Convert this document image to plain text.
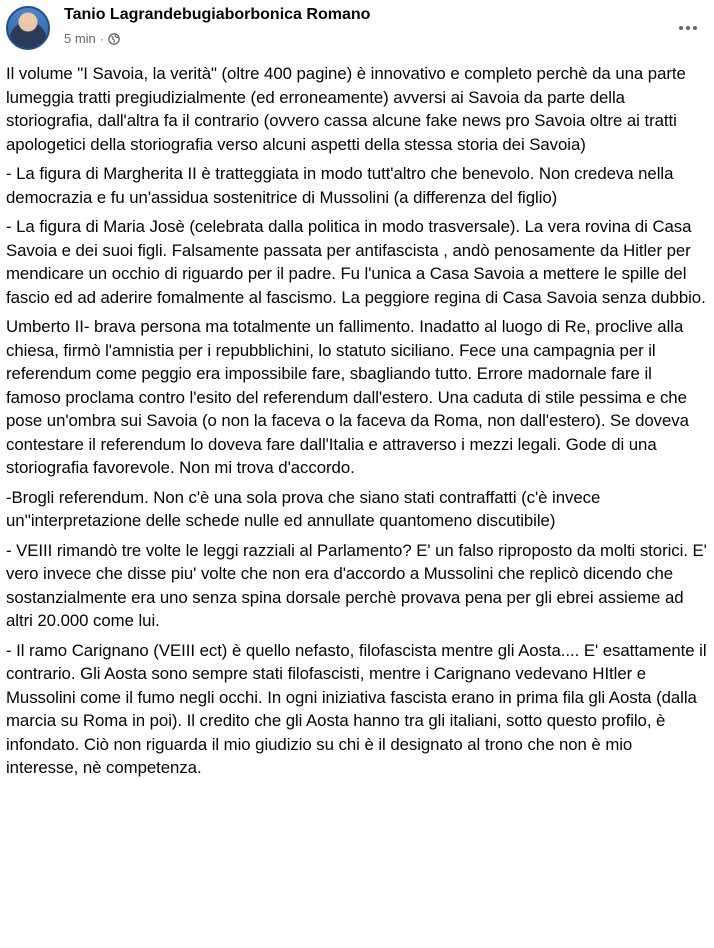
Tanio Lagrandebugiaborbonica Romano
5 min ·

Il volume "I Savoia, la verità" (oltre 400 pagine) è innovativo e completo perchè da una parte lumeggia tratti pregiudizialmente (ed erroneamente) avversi ai Savoia da parte della storiografia, dall'altra fa il contrario (ovvero cassa alcune fake news pro Savoia oltre ai tratti apologetici della storiografia verso alcuni aspetti della stessa storia dei Savoia)

- La figura di Margherita II è tratteggiata in modo tutt'altro che benevolo. Non credeva nella democrazia e fu un'assidua sostenitrice di Mussolini (a differenza del figlio)

- La figura di Maria Josè (celebrata dalla politica in modo trasversale). La vera rovina di Casa Savoia e dei suoi figli. Falsamente passata per antifascista , andò penosamente da Hitler per mendicare un occhio di riguardo per il padre. Fu l'unica a Casa Savoia a mettere le spille del fascio ed ad aderire fomalmente al fascismo. La peggiore regina di Casa Savoia senza dubbio.

Umberto II- brava persona ma totalmente un fallimento. Inadatto al luogo di Re, proclive alla chiesa, firmò l'amnistia per i repubblichini, lo statuto siciliano. Fece una campagnia per il referendum come peggio era impossibile fare, sbagliando tutto. Errore madornale fare il famoso proclama contro l'esito del referendum dall'estero. Una caduta di stile pessima e che pose un'ombra sui Savoia (o non la faceva o la faceva da Roma, non dall'estero). Se doveva contestare il referendum lo doveva fare dall'Italia e attraverso i mezzi legali. Gode di una storiografia favorevole. Non mi trova d'accordo.

-Brogli referendum. Non c'è una sola prova che siano stati contraffatti (c'è invece un''interpretazione delle schede nulle ed annullate quantomeno discutibile)

- VEIII rimandò tre volte le leggi razziali al Parlamento? E' un falso riproposto da molti storici. E' vero invece che disse piu' volte che non era d'accordo a Mussolini che replicò dicendo che sostanzialmente era uno senza spina dorsale perchè provava pena per gli ebrei assieme ad altri 20.000 come lui.

- Il ramo Carignano (VEIII ect) è quello nefasto, filofascista mentre gli Aosta.... E' esattamente il contrario. Gli Aosta sono sempre stati filofascisti, mentre i Carignano vedevano HItler e Mussolini come il fumo negli occhi. In ogni iniziativa fascista erano in prima fila gli Aosta (dalla marcia su Roma in poi). Il credito che gli Aosta hanno tra gli italiani, sotto questo profilo, è infondato. Ciò non riguarda il mio giudizio su chi è il designato al trono che non è mio interesse, nè competenza.
